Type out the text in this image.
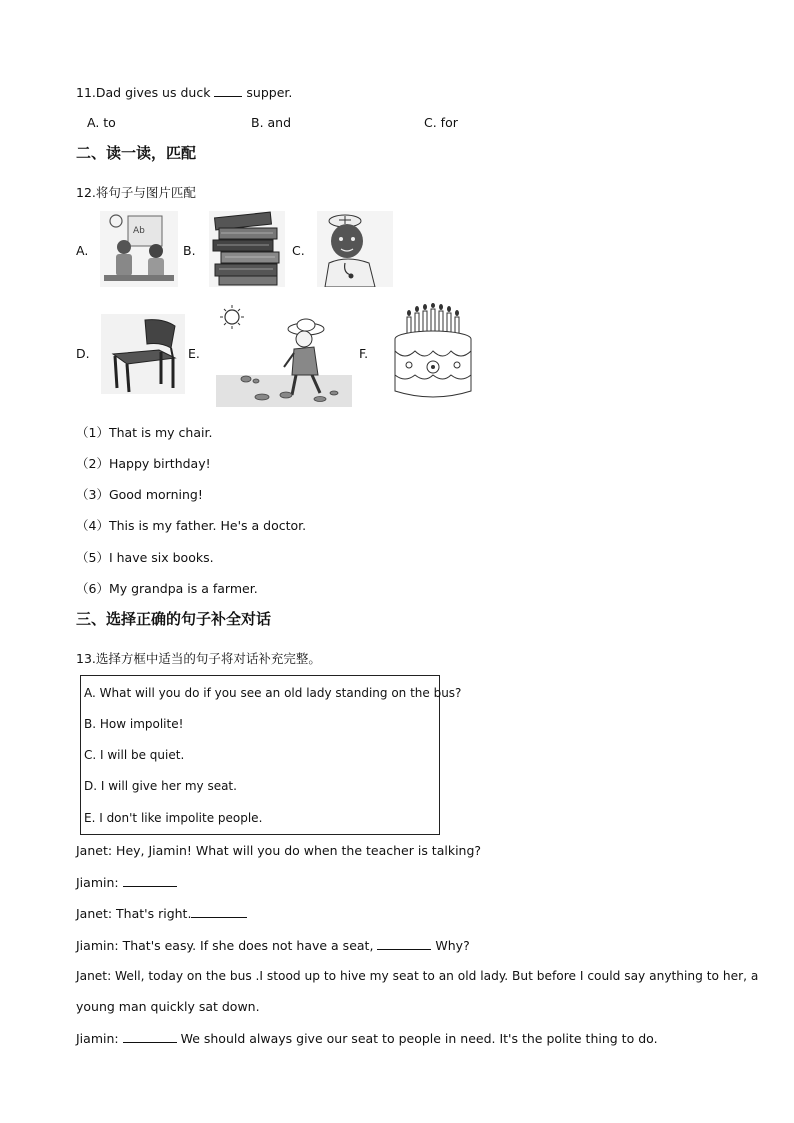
11.Dad gives us duck	supper.
A. to	B. and	C. for
二、读一读，匹配
12.将句子与图片匹配
A.	B.	C.
D.	E.	F.
Ab
（1）That is my chair.
（2）Happy birthday!
（3）Good morning!
（4）This is my father. He's a doctor.
（5）I have six books.
（6）My grandpa is a farmer.
三、选择正确的句子补全对话
13.选择方框中适当的句子将对话补充完整。
A. What will you do if you see an old lady standing on the bus?
B. How impolite!
C. I will be quiet.
D. I will give her my seat.
E. I don't like impolite people.
Janet: Hey, Jiamin! What will you do when the teacher is talking?
Jiamin:
Janet: That's right.
Jiamin: That's easy. If she does not have a seat,	Why?
Janet: Well, today on the bus .I stood up to hive my seat to an old lady. But before I could say anything to her, a
young man quickly sat down.
Jiamin:	We should always give our seat to people in need. It's the polite thing to do.
